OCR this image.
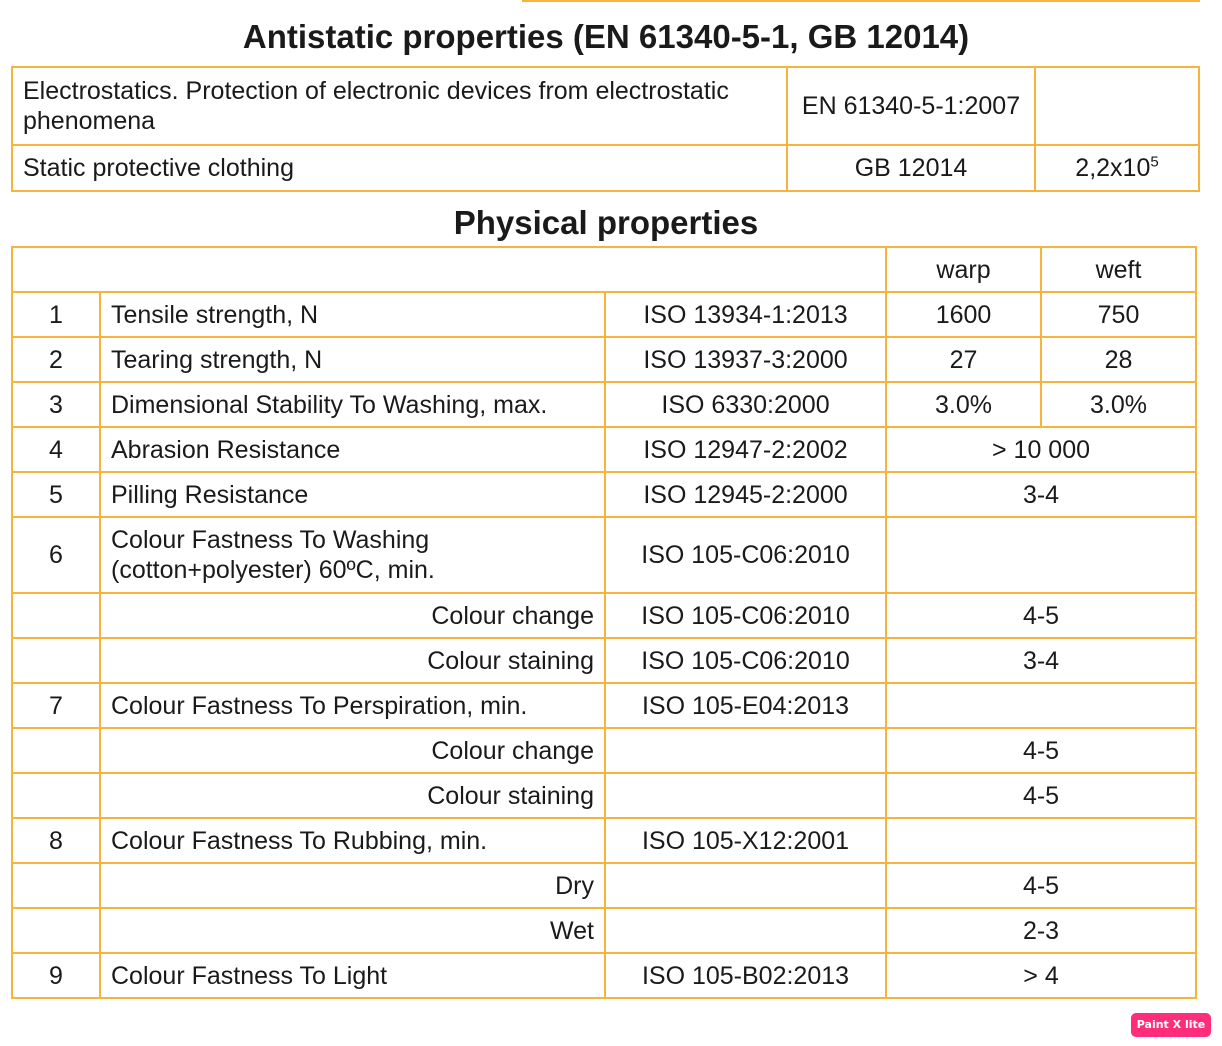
Antistatic properties (EN 61340-5-1, GB 12014)
Electrostatics. Protection of electronic devices from electrostatic phenomena	EN 61340-5-1:2007	
Static protective clothing	GB 12014	$2,2x10^5$
Physical properties
			warp	weft
1	Tensile strength, N	ISO 13934-1:2013	1600	750
2	Tearing strength, N	ISO 13937-3:2000	27	28
3	Dimensional Stability To Washing, max.	ISO 6330:2000	3.0%	3.0%
4	Abrasion Resistance	ISO 12947-2:2002	> 10 000	
5	Pilling Resistance	ISO 12945-2:2000	3-4	
6	Colour Fastness To Washing (cotton+polyester) 60ºC, min.	ISO 105-C06:2010		
	Colour change	ISO 105-C06:2010	4-5	
	Colour staining	ISO 105-C06:2010	3-4	
7	Colour Fastness To Perspiration, min.	ISO 105-E04:2013		
	Colour change		4-5	
	Colour staining		4-5	
8	Colour Fastness To Rubbing, min.	ISO 105-X12:2001		
	Dry		4-5	
	Wet		2-3	
9	Colour Fastness To Light	ISO 105-B02:2013	> 4	
Paint X lite
